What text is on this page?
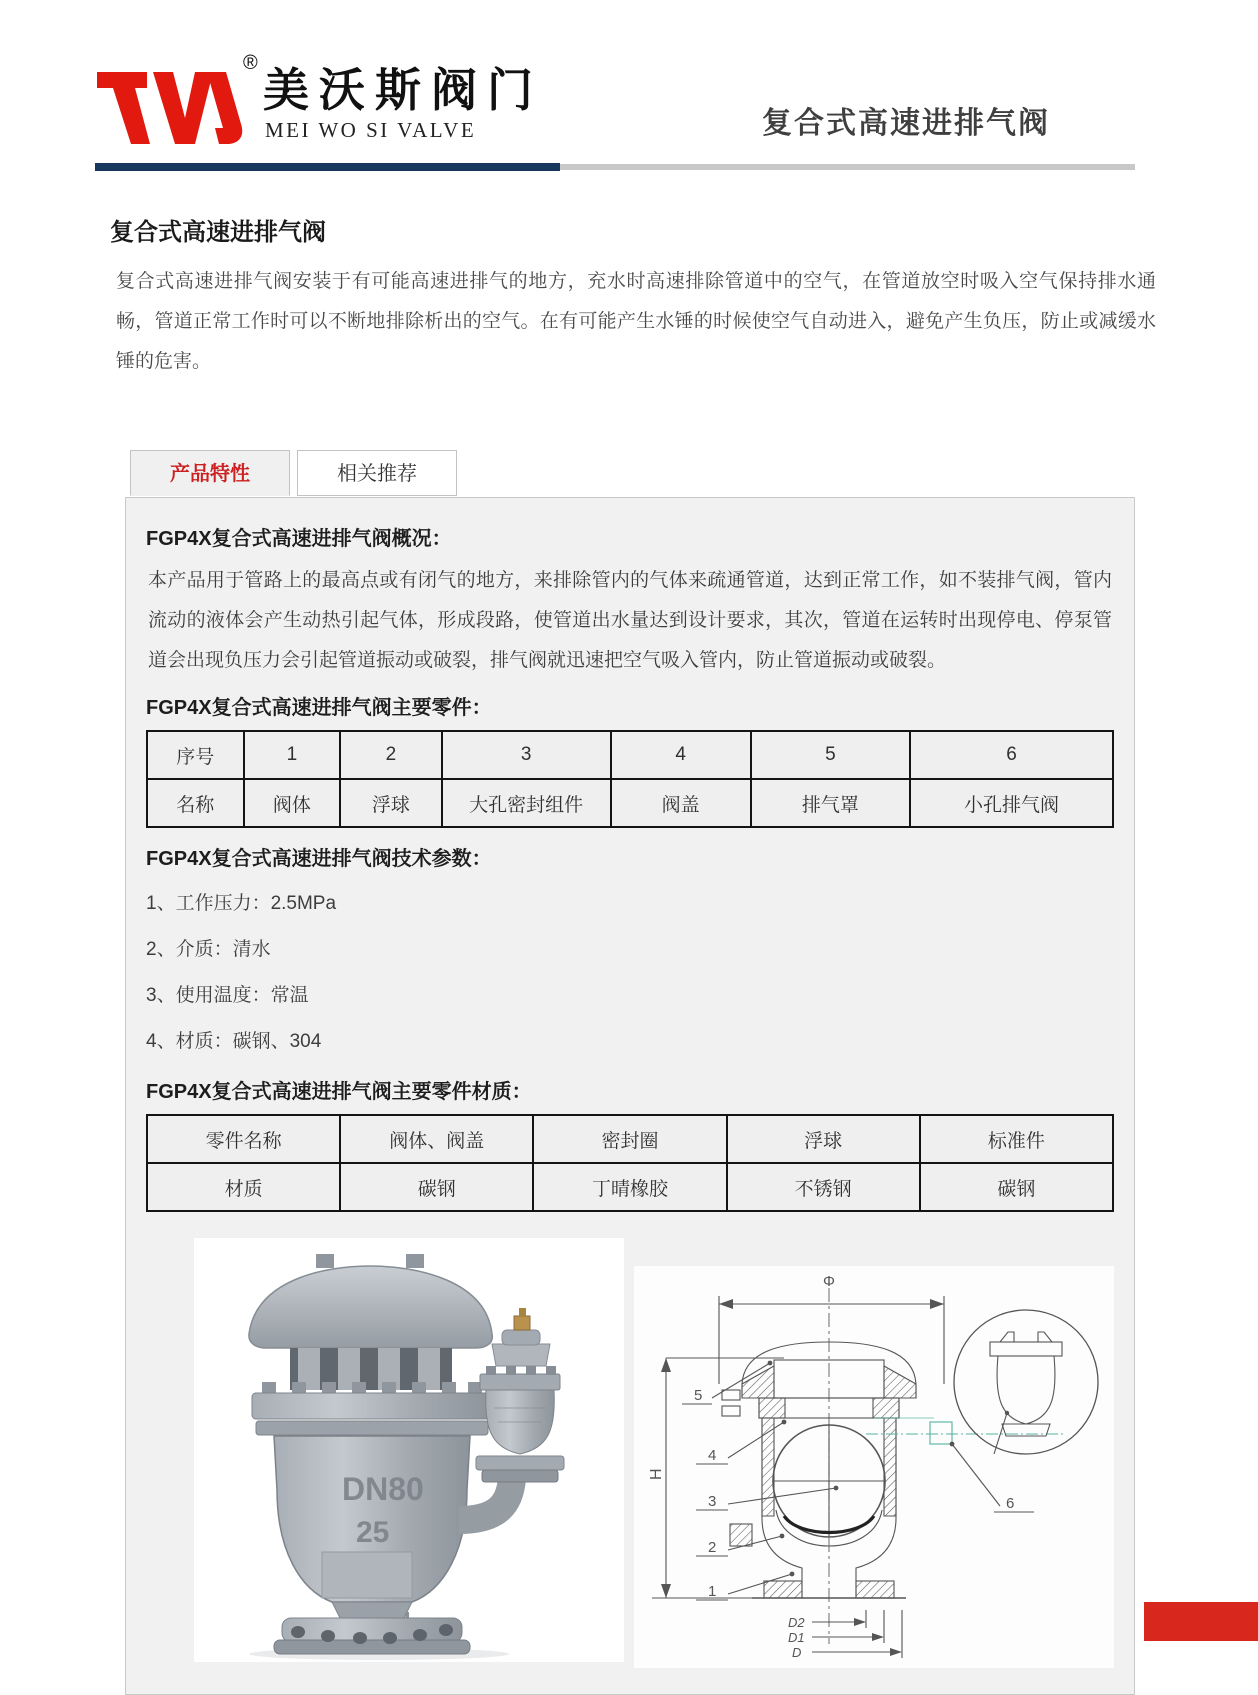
® 美沃斯阀门
MEI WO SI VALVE	复合式高速进排气阀
复合式高速进排气阀
复合式高速进排气阀安装于有可能高速进排气的地方，充水时高速排除管道中的空气，在管道放空时吸入空气保持排水通畅，管道正常工作时可以不断地排除析出的空气。在有可能产生水锤的时候使空气自动进入，避免产生负压，防止或减缓水锤的危害。
产品特性	相关推荐
FGP4X复合式高速进排气阀概况：
本产品用于管路上的最高点或有闭气的地方，来排除管内的气体来疏通管道，达到正常工作，如不装排气阀，管内流动的液体会产生动热引起气体，形成段路，使管道出水量达到设计要求，其次，管道在运转时出现停电、停泵管道会出现负压力会引起管道振动或破裂，排气阀就迅速把空气吸入管内，防止管道振动或破裂。
FGP4X复合式高速进排气阀主要零件：
序号	1	2	3	4	5	6
名称	阀体	浮球	大孔密封组件	阀盖	排气罩	小孔排气阀
FGP4X复合式高速进排气阀技术参数：
1、工作压力：2.5MPa
2、介质：清水
3、使用温度：常温
4、材质：碳钢、304
FGP4X复合式高速进排气阀主要零件材质：
零件名称	阀体、阀盖	密封圈	浮球	标准件
材质	碳钢	丁晴橡胶	不锈钢	碳钢
DN80
25
Φ
H
5
4
3
2
1
6
D2
D1
D
